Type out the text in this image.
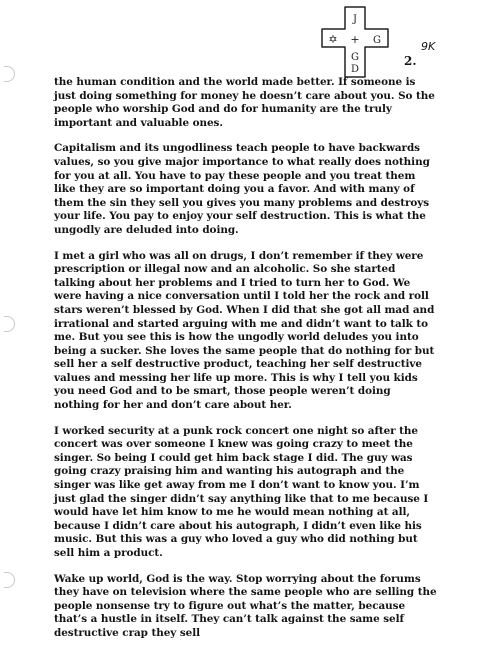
J
✡ + G
G
D
9K
2.

the human condition and the world made better. If someone is just doing something for money he doesn’t care about you. So the people who worship God and do for humanity are the truly important and valuable ones.

Capitalism and its ungodliness teach people to have backwards values, so you give major importance to what really does nothing for you at all. You have to pay these people and you treat them like they are so important doing you a favor. And with many of them the sin they sell you gives you many problems and destroys your life. You pay to enjoy your self destruction. This is what the ungodly are deluded into doing.

I met a girl who was all on drugs, I don’t remember if they were prescription or illegal now and an alcoholic. So she started talking about her problems and I tried to turn her to God. We were having a nice conversation until I told her the rock and roll stars weren’t blessed by God. When I did that she got all mad and irrational and started arguing with me and didn’t want to talk to me. But you see this is how the ungodly world deludes you into being a sucker. She loves the same people that do nothing for but sell her a self destructive product, teaching her self destructive values and messing her life up more. This is why I tell you kids you need God and to be smart, those people weren’t doing nothing for her and don’t care about her.

I worked security at a punk rock concert one night so after the concert was over someone I knew was going crazy to meet the singer. So being I could get him back stage I did. The guy was going crazy praising him and wanting his autograph and the singer was like get away from me I don’t want to know you. I’m just glad the singer didn’t say anything like that to me because I would have let him know to me he would mean nothing at all, because I didn’t care about his autograph, I didn’t even like his music. But this was a guy who loved a guy who did nothing but sell him a product.

Wake up world, God is the way. Stop worrying about the forums they have on television where the same people who are selling the people nonsense try to figure out what’s the matter, because that’s a hustle in itself. They can’t talk against the same self destructive crap they sell
